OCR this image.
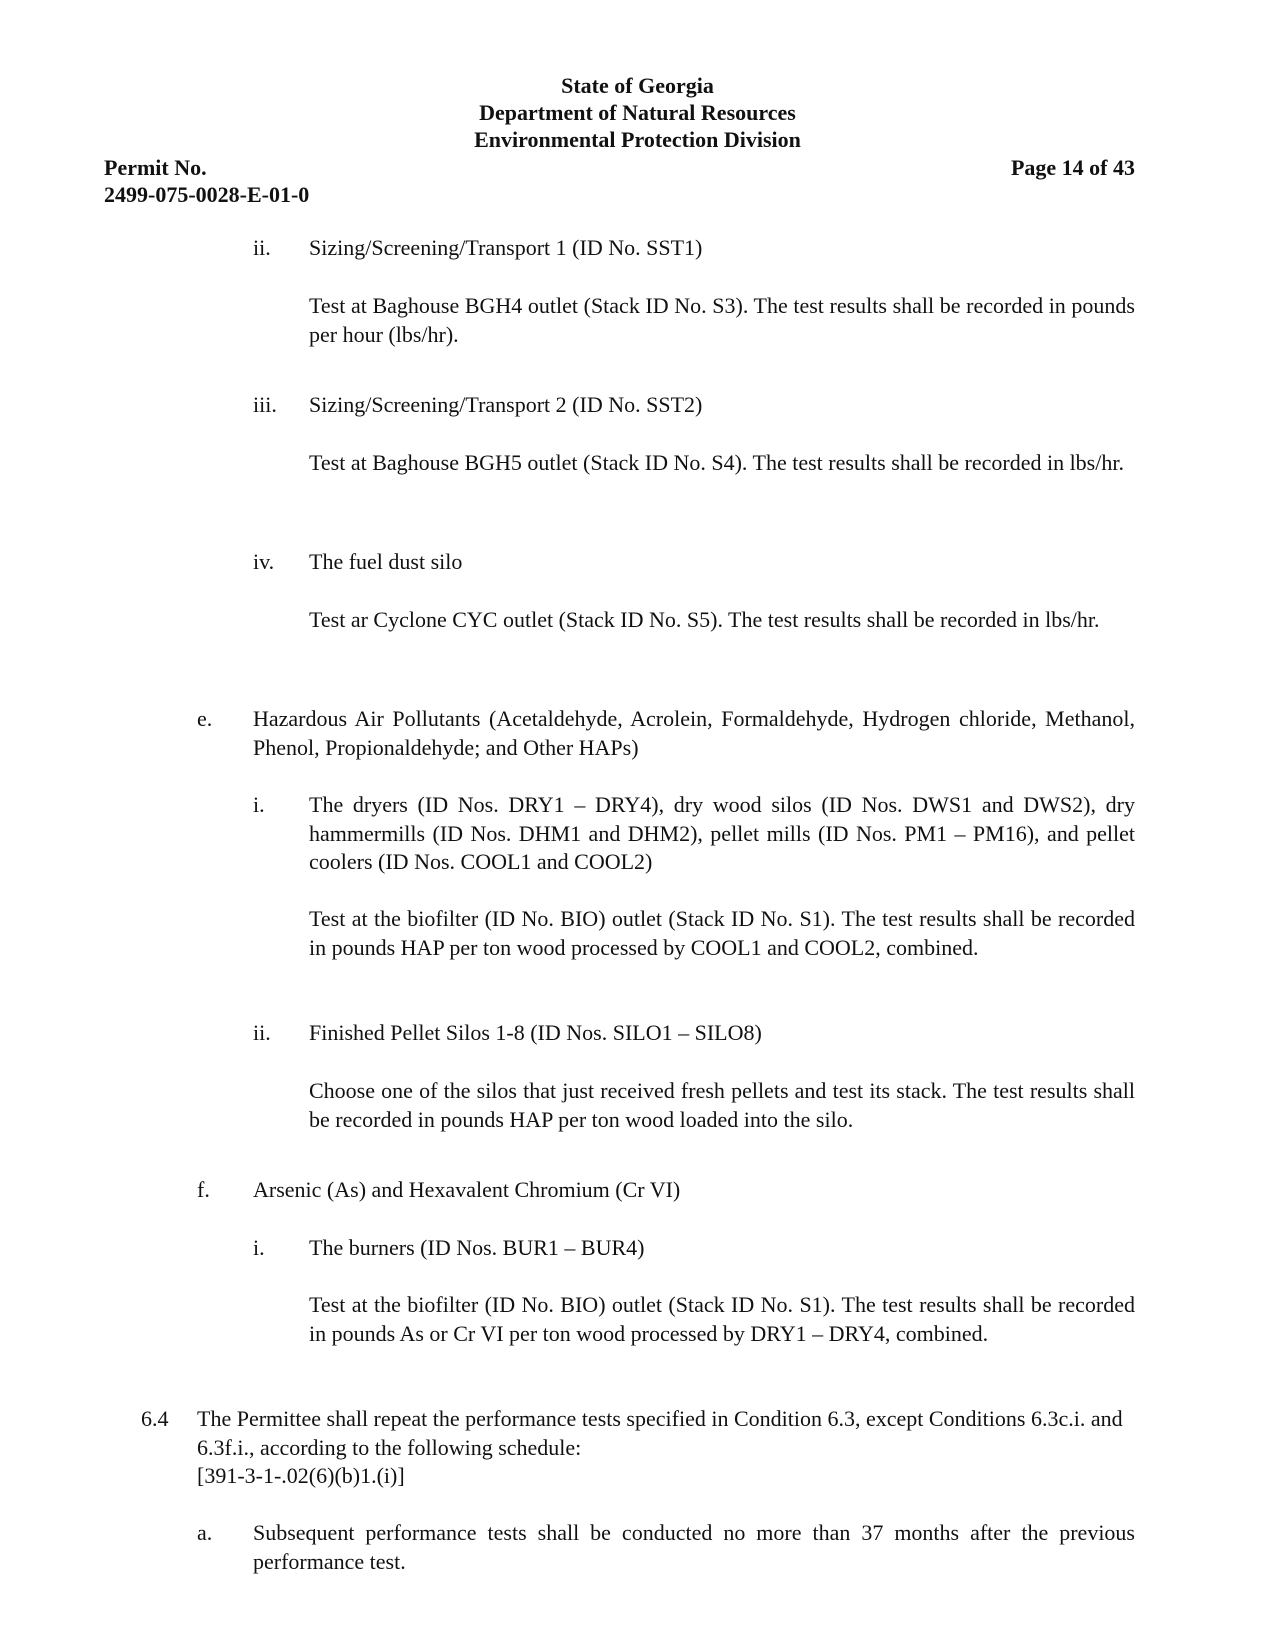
State of Georgia
Department of Natural Resources
Environmental Protection Division
Permit No.
2499-075-0028-E-01-0
Page 14 of 43
ii. Sizing/Screening/Transport 1 (ID No. SST1)
Test at Baghouse BGH4 outlet (Stack ID No. S3). The test results shall be recorded in pounds per hour (lbs/hr).
iii. Sizing/Screening/Transport 2 (ID No. SST2)
Test at Baghouse BGH5 outlet (Stack ID No. S4). The test results shall be recorded in lbs/hr.
iv. The fuel dust silo
Test ar Cyclone CYC outlet (Stack ID No. S5). The test results shall be recorded in lbs/hr.
e. Hazardous Air Pollutants (Acetaldehyde, Acrolein, Formaldehyde, Hydrogen chloride, Methanol, Phenol, Propionaldehyde; and Other HAPs)
i. The dryers (ID Nos. DRY1 – DRY4), dry wood silos (ID Nos. DWS1 and DWS2), dry hammermills (ID Nos. DHM1 and DHM2), pellet mills (ID Nos. PM1 – PM16), and pellet coolers (ID Nos. COOL1 and COOL2)
Test at the biofilter (ID No. BIO) outlet (Stack ID No. S1). The test results shall be recorded in pounds HAP per ton wood processed by COOL1 and COOL2, combined.
ii. Finished Pellet Silos 1-8 (ID Nos. SILO1 – SILO8)
Choose one of the silos that just received fresh pellets and test its stack. The test results shall be recorded in pounds HAP per ton wood loaded into the silo.
f. Arsenic (As) and Hexavalent Chromium (Cr VI)
i. The burners (ID Nos. BUR1 – BUR4)
Test at the biofilter (ID No. BIO) outlet (Stack ID No. S1). The test results shall be recorded in pounds As or Cr VI per ton wood processed by DRY1 – DRY4, combined.
6.4 The Permittee shall repeat the performance tests specified in Condition 6.3, except Conditions 6.3c.i. and 6.3f.i., according to the following schedule:
[391-3-1-.02(6)(b)1.(i)]
a. Subsequent performance tests shall be conducted no more than 37 months after the previous performance test.
